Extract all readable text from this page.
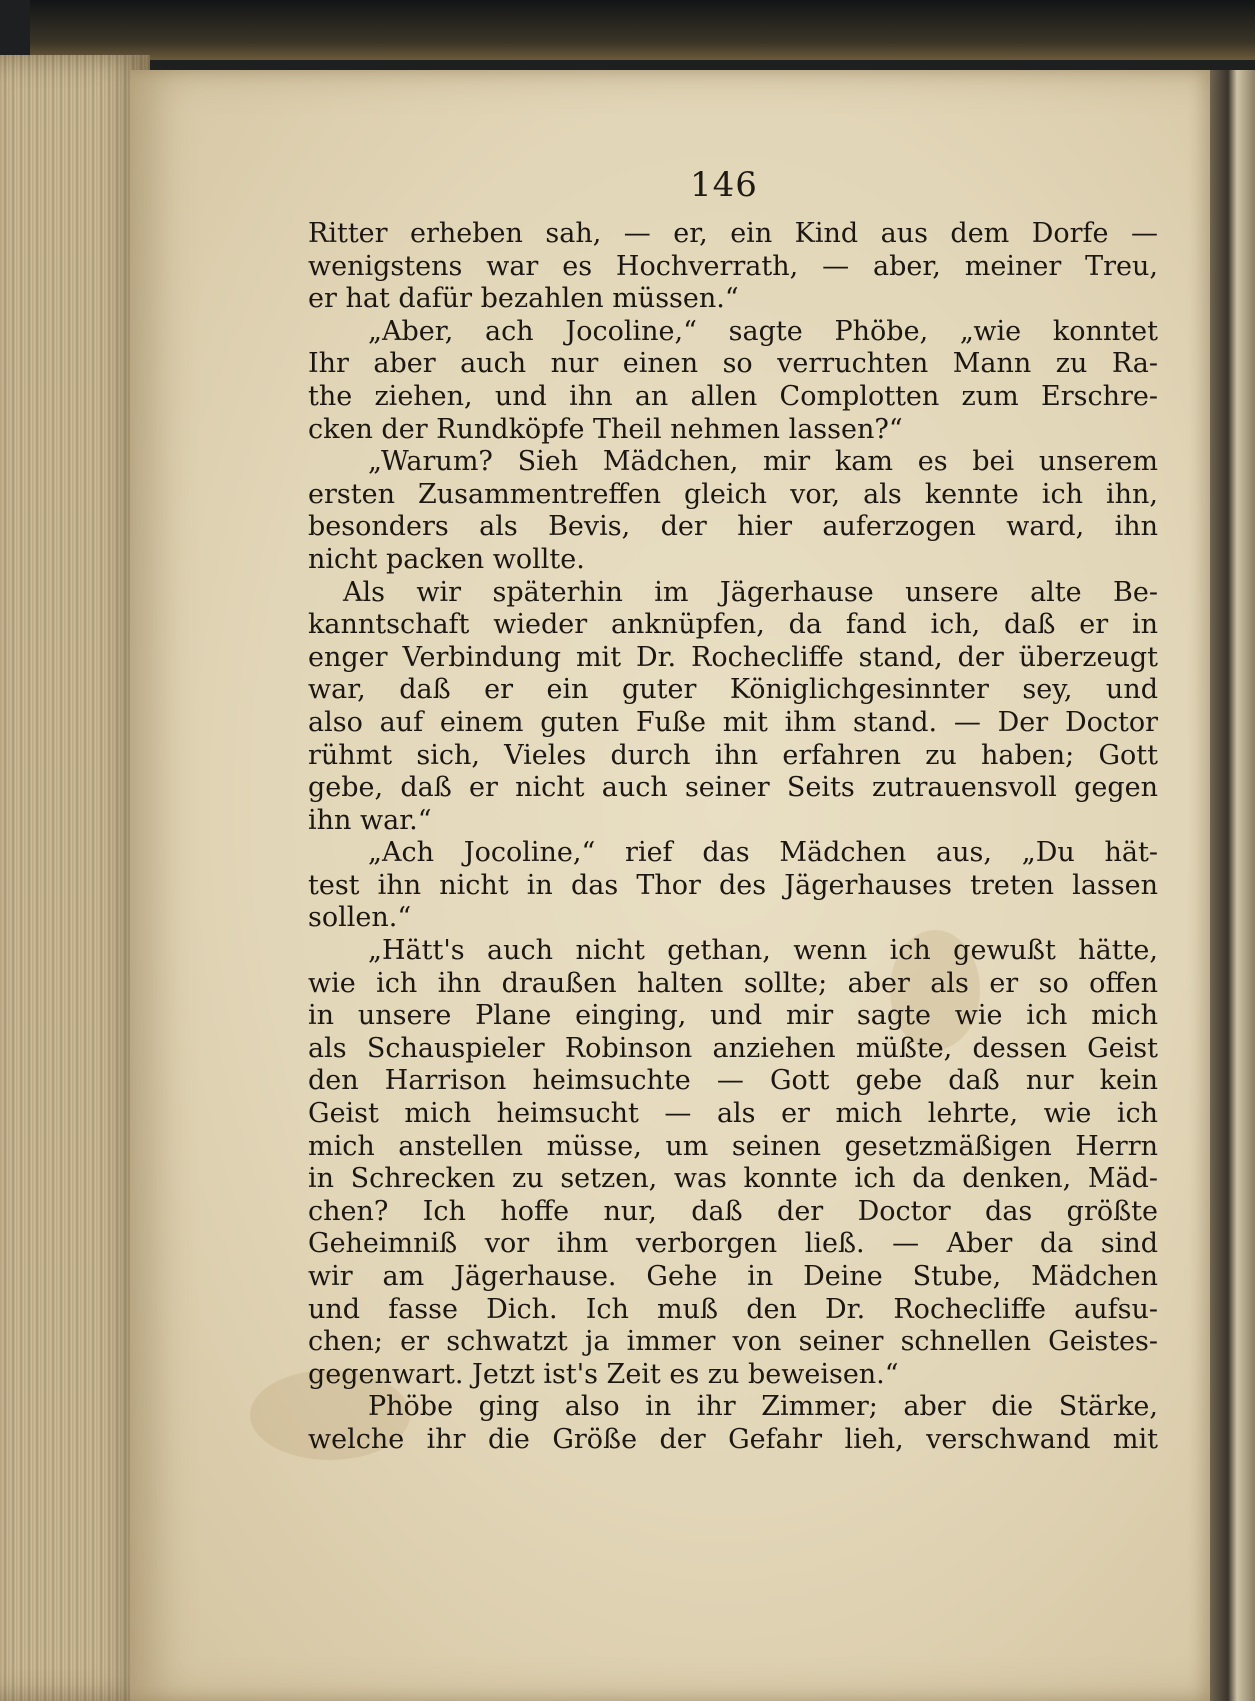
146
Ritter erheben sah, — er, ein Kind aus dem Dorfe —
wenigstens war es Hochverrath, — aber, meiner Treu,
er hat dafür bezahlen müssen.“
„Aber, ach Jocoline,“ sagte Phöbe, „wie konntet
Ihr aber auch nur einen so verruchten Mann zu Ra-
the ziehen, und ihn an allen Complotten zum Erschre-
cken der Rundköpfe Theil nehmen lassen?“
„Warum? Sieh Mädchen, mir kam es bei unserem
ersten Zusammentreffen gleich vor, als kennte ich ihn,
besonders als Bevis, der hier auferzogen ward, ihn
nicht packen wollte.
Als wir späterhin im Jägerhause unsere alte Be-
kanntschaft wieder anknüpfen, da fand ich, daß er in
enger Verbindung mit Dr. Rochecliffe stand, der überzeugt
war, daß er ein guter Königlichgesinnter sey, und
also auf einem guten Fuße mit ihm stand. — Der Doctor
rühmt sich, Vieles durch ihn erfahren zu haben; Gott
gebe, daß er nicht auch seiner Seits zutrauensvoll gegen
ihn war.“
„Ach Jocoline,“ rief das Mädchen aus, „Du hät-
test ihn nicht in das Thor des Jägerhauses treten lassen
sollen.“
„Hätt's auch nicht gethan, wenn ich gewußt hätte,
wie ich ihn draußen halten sollte; aber als er so offen
in unsere Plane einging, und mir sagte wie ich mich
als Schauspieler Robinson anziehen müßte, dessen Geist
den Harrison heimsuchte — Gott gebe daß nur kein
Geist mich heimsucht — als er mich lehrte, wie ich
mich anstellen müsse, um seinen gesetzmäßigen Herrn
in Schrecken zu setzen, was konnte ich da denken, Mäd-
chen? Ich hoffe nur, daß der Doctor das größte
Geheimniß vor ihm verborgen ließ. — Aber da sind
wir am Jägerhause. Gehe in Deine Stube, Mädchen
und fasse Dich. Ich muß den Dr. Rochecliffe aufsu-
chen; er schwatzt ja immer von seiner schnellen Geistes-
gegenwart. Jetzt ist's Zeit es zu beweisen.“
Phöbe ging also in ihr Zimmer; aber die Stärke,
welche ihr die Größe der Gefahr lieh, verschwand mit
